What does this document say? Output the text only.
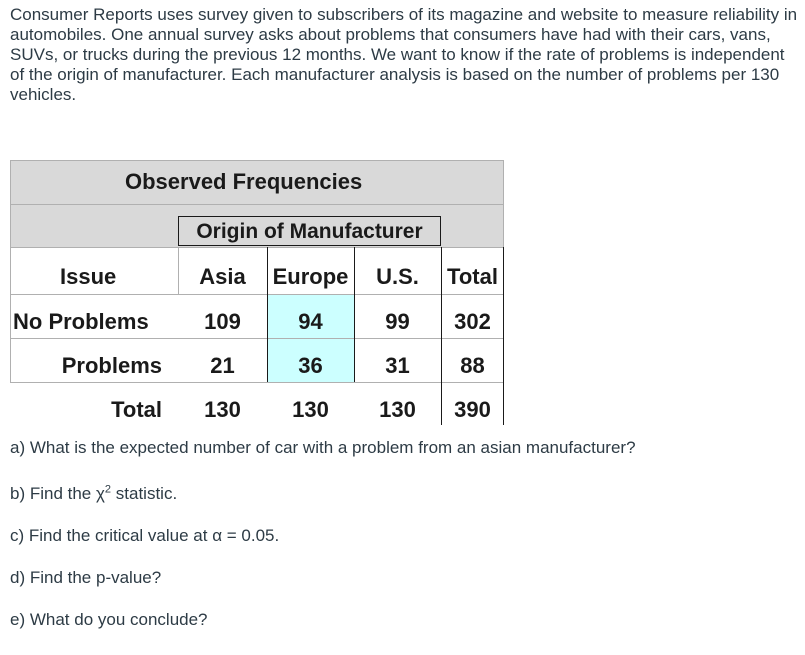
Consumer Reports uses survey given to subscribers of its magazine and website to measure reliability in automobiles. One annual survey asks about problems that consumers have had with their cars, vans, SUVs, or trucks during the previous 12 months. We want to know if the rate of problems is independent of the origin of manufacturer. Each manufacturer analysis is based on the number of problems per 130 vehicles.

Observed Frequencies
Origin of Manufacturer
Issue	Asia	Europe	U.S.	Total
No Problems	109	94	99	302
Problems	21	36	31	88
Total	130	130	130	390

a) What is the expected number of car with a problem from an asian manufacturer?

b) Find the $\chi^2$ statistic.

c) Find the critical value at α = 0.05.

d) Find the p-value?

e) What do you conclude?
